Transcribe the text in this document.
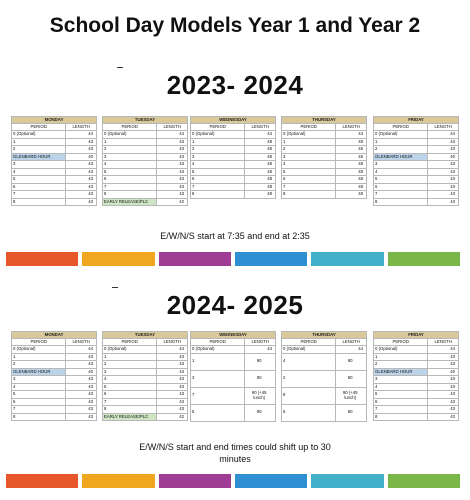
School Day Models Year 1 and Year 2
2023- 2024
MONDAY	
PERIOD	LENGTH
0 (Optional)	44
1	43
2	43
GLENBARD HOUR	40
3	43
4	43
5	43
6	43
7	43
8	43
TUESDAY	
PERIOD	LENGTH
0 (Optional)	44
1	43
2	43
3	43
4	43
5	43
6	43
7	43
8	43
EARLY RELEASE/PLC	42
WEDNESDAY	
PERIOD	LENGTH
0 (Optional)	44
1	48
2	48
3	48
4	48
5	48
6	48
7	48
8	48
THURSDAY	
PERIOD	LENGTH
0 (Optional)	44
1	48
2	48
3	48
4	48
5	48
6	48
7	48
8	48
FRIDAY	
PERIOD	LENGTH
0 (Optional)	44
1	43
2	43
GLENBARD HOUR	40
3	43
4	43
5	43
6	43
7	43
8	43
E/W/N/S start at 7:35 and end at 2:35
2024- 2025
MONDAY	
PERIOD	LENGTH
0 (Optional)	44
1	43
2	43
GLENBARD HOUR	40
3	43
4	43
5	43
6	43
7	43
8	43
TUESDAY	
PERIOD	LENGTH
0 (Optional)	44
1	43
2	43
3	43
4	43
5	43
6	43
7	43
8	43
EARLY RELEASE/PLC	42
WEDNESDAY	
PERIOD	LENGTH
0 (Optional)	44
1	90
3	90
7	90 (+45 lunch)
5	90
THURSDAY	
PERIOD	LENGTH
0 (Optional)	44
4	90
2	90
8	90 (+45 lunch)
6	90
FRIDAY	
PERIOD	LENGTH
0 (Optional)	44
1	43
2	43
GLENBARD HOUR	40
3	43
4	43
5	43
6	43
7	43
8	43
E/W/N/S start and end times could shift up to 30
minutes
